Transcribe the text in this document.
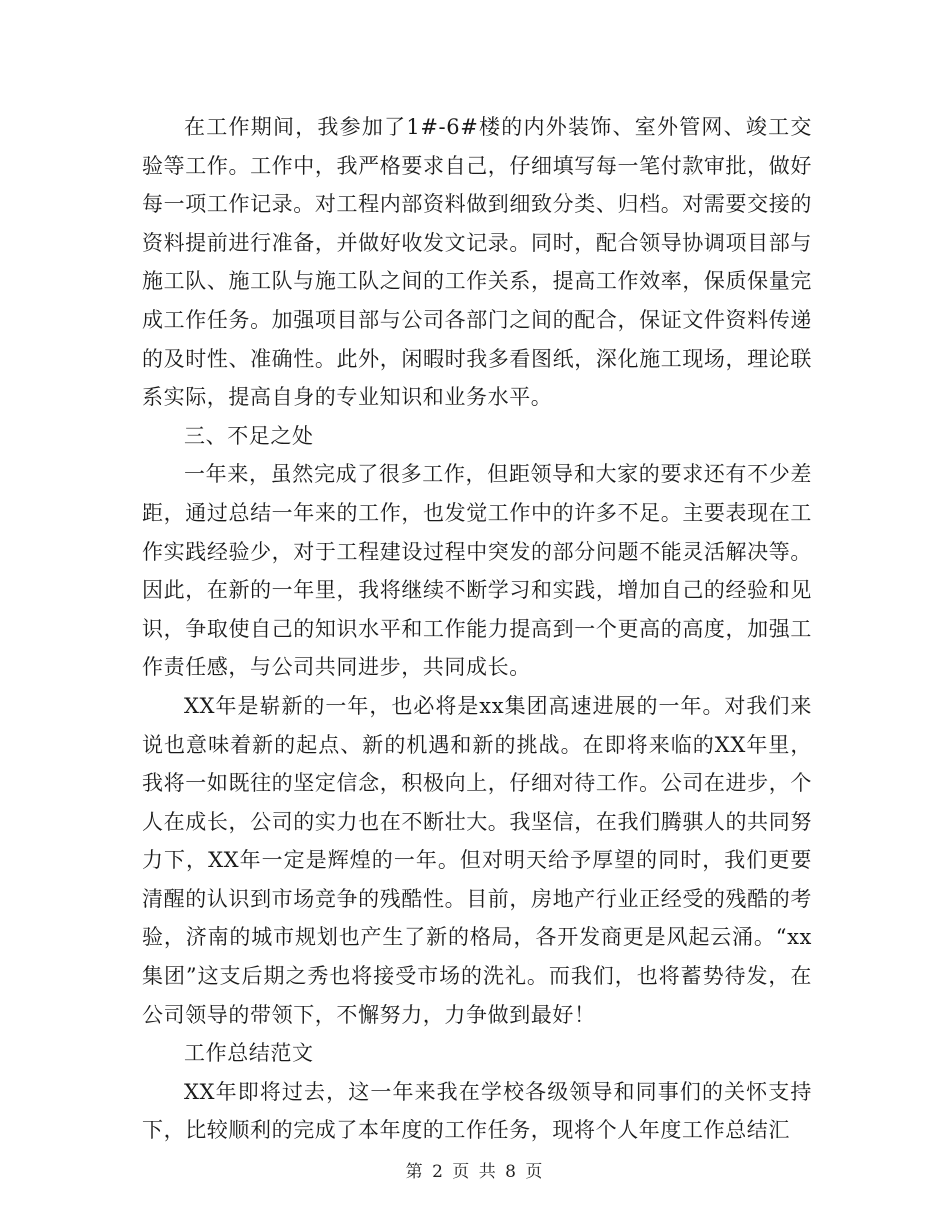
在工作期间，我参加了1#-6#楼的内外装饰、室外管网、竣工交验等工作。工作中，我严格要求自己，仔细填写每一笔付款审批，做好每一项工作记录。对工程内部资料做到细致分类、归档。对需要交接的资料提前进行准备，并做好收发文记录。同时，配合领导协调项目部与施工队、施工队与施工队之间的工作关系，提高工作效率，保质保量完成工作任务。加强项目部与公司各部门之间的配合，保证文件资料传递的及时性、准确性。此外，闲暇时我多看图纸，深化施工现场，理论联系实际，提高自身的专业知识和业务水平。

三、不足之处

一年来，虽然完成了很多工作，但距领导和大家的要求还有不少差距，通过总结一年来的工作，也发觉工作中的许多不足。主要表现在工作实践经验少，对于工程建设过程中突发的部分问题不能灵活解决等。因此，在新的一年里，我将继续不断学习和实践，增加自己的经验和见识，争取使自己的知识水平和工作能力提高到一个更高的高度，加强工作责任感，与公司共同进步，共同成长。

XX年是崭新的一年，也必将是xx集团高速进展的一年。对我们来说也意味着新的起点、新的机遇和新的挑战。在即将来临的XX年里，我将一如既往的坚定信念，积极向上，仔细对待工作。公司在进步，个人在成长，公司的实力也在不断壮大。我坚信，在我们腾骐人的共同努力下，XX年一定是辉煌的一年。但对明天给予厚望的同时，我们更要清醒的认识到市场竞争的残酷性。目前，房地产行业正经受的残酷的考验，济南的城市规划也产生了新的格局，各开发商更是风起云涌。“xx集团”这支后期之秀也将接受市场的洗礼。而我们，也将蓄势待发，在公司领导的带领下，不懈努力，力争做到最好！

工作总结范文

XX年即将过去，这一年来我在学校各级领导和同事们的关怀支持下，比较顺利的完成了本年度的工作任务，现将个人年度工作总结汇

第 2 页 共 8 页
